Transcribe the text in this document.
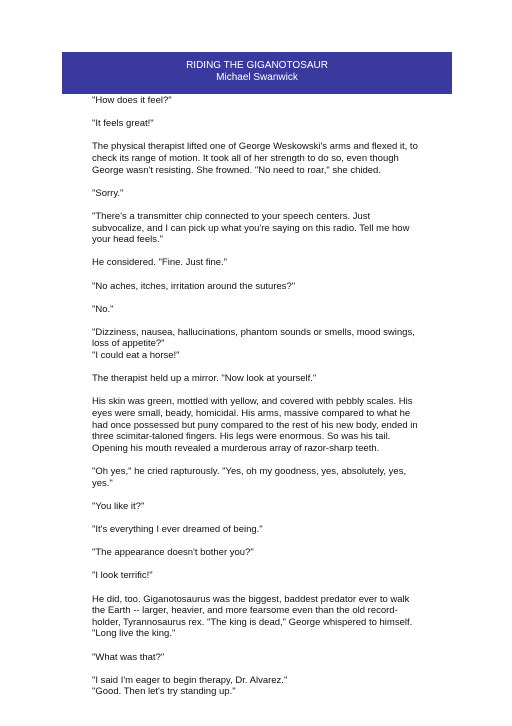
RIDING THE GIGANOTOSAUR
Michael Swanwick

"How does it feel?"

"It feels great!"

The physical therapist lifted one of George Weskowski's arms and flexed it, to check its range of motion. It took all of her strength to do so, even though George wasn't resisting. She frowned. "No need to roar," she chided.

"Sorry."

"There's a transmitter chip connected to your speech centers. Just subvocalize, and I can pick up what you're saying on this radio. Tell me how your head feels."

He considered. "Fine. Just fine."

"No aches, itches, irritation around the sutures?"

"No."

"Dizziness, nausea, hallucinations, phantom sounds or smells, mood swings, loss of appetite?"
"I could eat a horse!"

The therapist held up a mirror. "Now look at yourself."

His skin was green, mottled with yellow, and covered with pebbly scales. His eyes were small, beady, homicidal. His arms, massive compared to what he had once possessed but puny compared to the rest of his new body, ended in three scimitar-taloned fingers. His legs were enormous. So was his tail. Opening his mouth revealed a murderous array of razor-sharp teeth.

"Oh yes," he cried rapturously. "Yes, oh my goodness, yes, absolutely, yes, yes."

"You like it?"

"It's everything I ever dreamed of being."

"The appearance doesn't bother you?"

"I look terrific!"

He did, too. Giganotosaurus was the biggest, baddest predator ever to walk the Earth -- larger, heavier, and more fearsome even than the old record-holder, Tyrannosaurus rex. "The king is dead," George whispered to himself. "Long live the king."

"What was that?"

"I said I'm eager to begin therapy, Dr. Alvarez."
"Good. Then let's try standing up."
